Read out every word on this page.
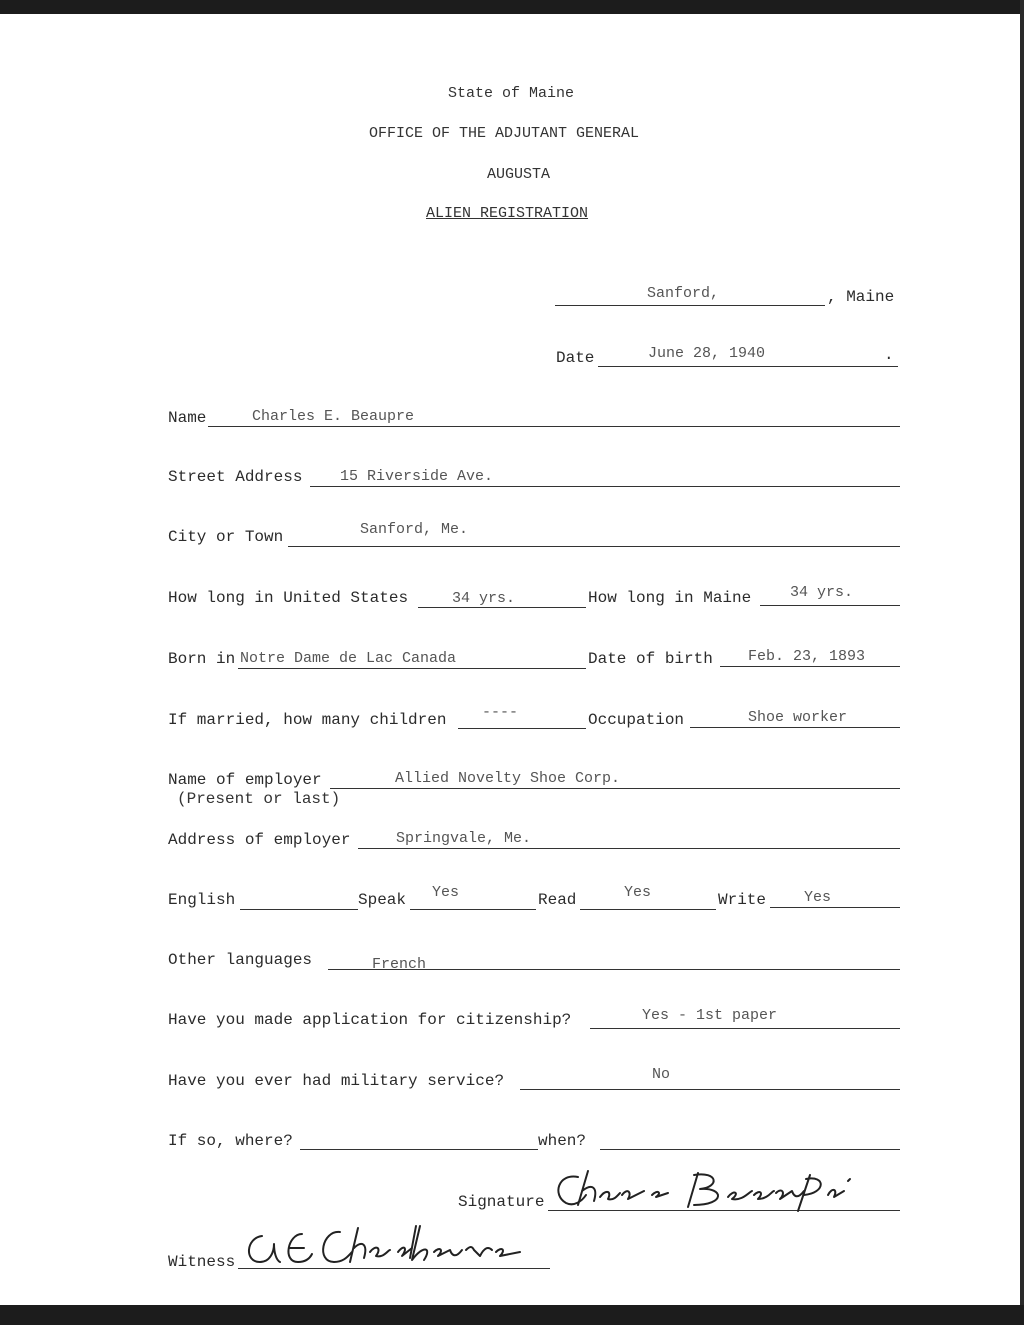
State of Maine
OFFICE OF THE ADJUTANT GENERAL
AUGUSTA
ALIEN REGISTRATION
Sanford,	, Maine
Date	June 28, 1940	.
Name	Charles E. Beaupre
Street Address	15 Riverside Ave.
City or Town	Sanford, Me.
How long in United States	34 yrs.	How long in Maine	34 yrs.
Born in Notre Dame de Lac Canada	Date of birth Feb. 23, 1893
If married, how many children ----	Occupation	Shoe worker
Name of employer	Allied Novelty Shoe Corp.
(Present or last)
Address of employer	Springvale, Me.
English	Speak Yes	Read	Yes	Write	Yes
Other languages	French
Have you made application for citizenship?	Yes - 1st paper
Have you ever had military service?	No
If so, where?	when?
Signature
Witness
